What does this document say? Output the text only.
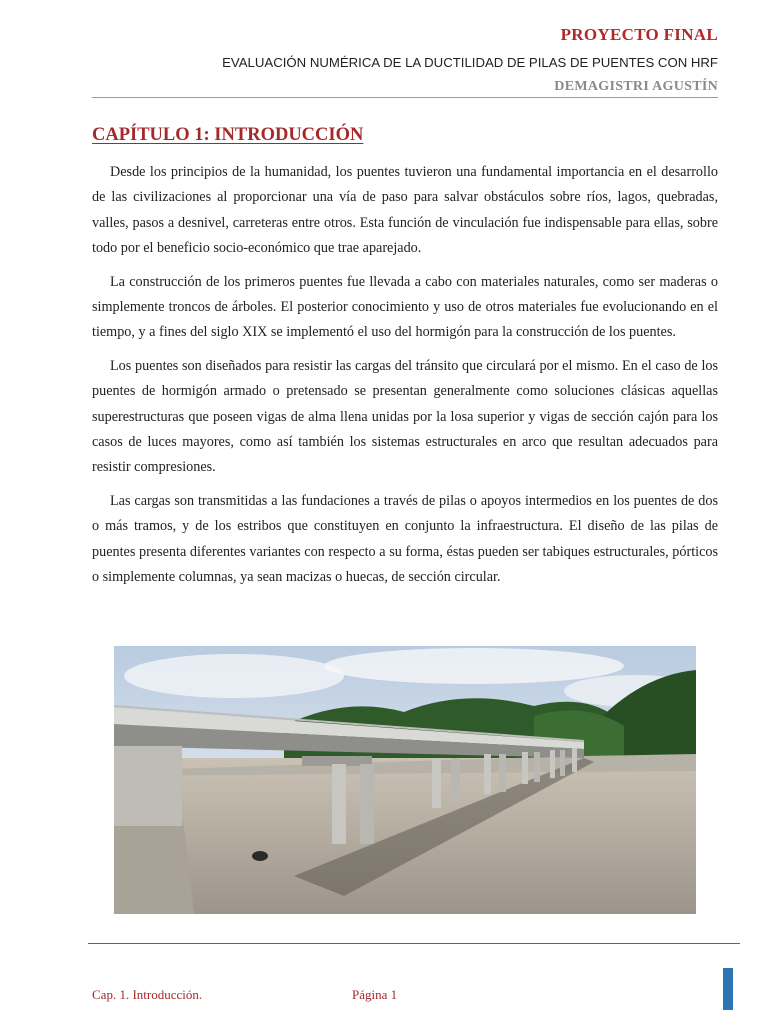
PROYECTO FINAL
EVALUACIÓN NUMÉRICA DE LA DUCTILIDAD DE PILAS DE PUENTES CON HRF
DEMAGISTRI AGUSTÍN
CAPÍTULO 1: INTRODUCCIÓN

Desde los principios de la humanidad, los puentes tuvieron una fundamental importancia en el desarrollo de las civilizaciones al proporcionar una vía de paso para salvar obstáculos sobre ríos, lagos, quebradas, valles, pasos a desnivel, carreteras entre otros. Esta función de vinculación fue indispensable para ellas, sobre todo por el beneficio socio-económico que trae aparejado.

La construcción de los primeros puentes fue llevada a cabo con materiales naturales, como ser maderas o simplemente troncos de árboles. El posterior conocimiento y uso de otros materiales fue evolucionando en el tiempo, y a fines del siglo XIX se implementó el uso del hormigón para la construcción de los puentes.

Los puentes son diseñados para resistir las cargas del tránsito que circulará por el mismo. En el caso de los puentes de hormigón armado o pretensado se presentan generalmente como soluciones clásicas aquellas superestructuras que poseen vigas de alma llena unidas por la losa superior y vigas de sección cajón para los casos de luces mayores, como así también los sistemas estructurales en arco que resultan adecuados para resistir compresiones.

Las cargas son transmitidas a las fundaciones a través de pilas o apoyos intermedios en los puentes de dos o más tramos, y de los estribos que constituyen en conjunto la infraestructura. El diseño de las pilas de puentes presenta diferentes variantes con respecto a su forma, éstas pueden ser tabiques estructurales, pórticos o simplemente columnas, ya sean macizas o huecas, de sección circular.

Cap. 1. Introducción.	Página 1
